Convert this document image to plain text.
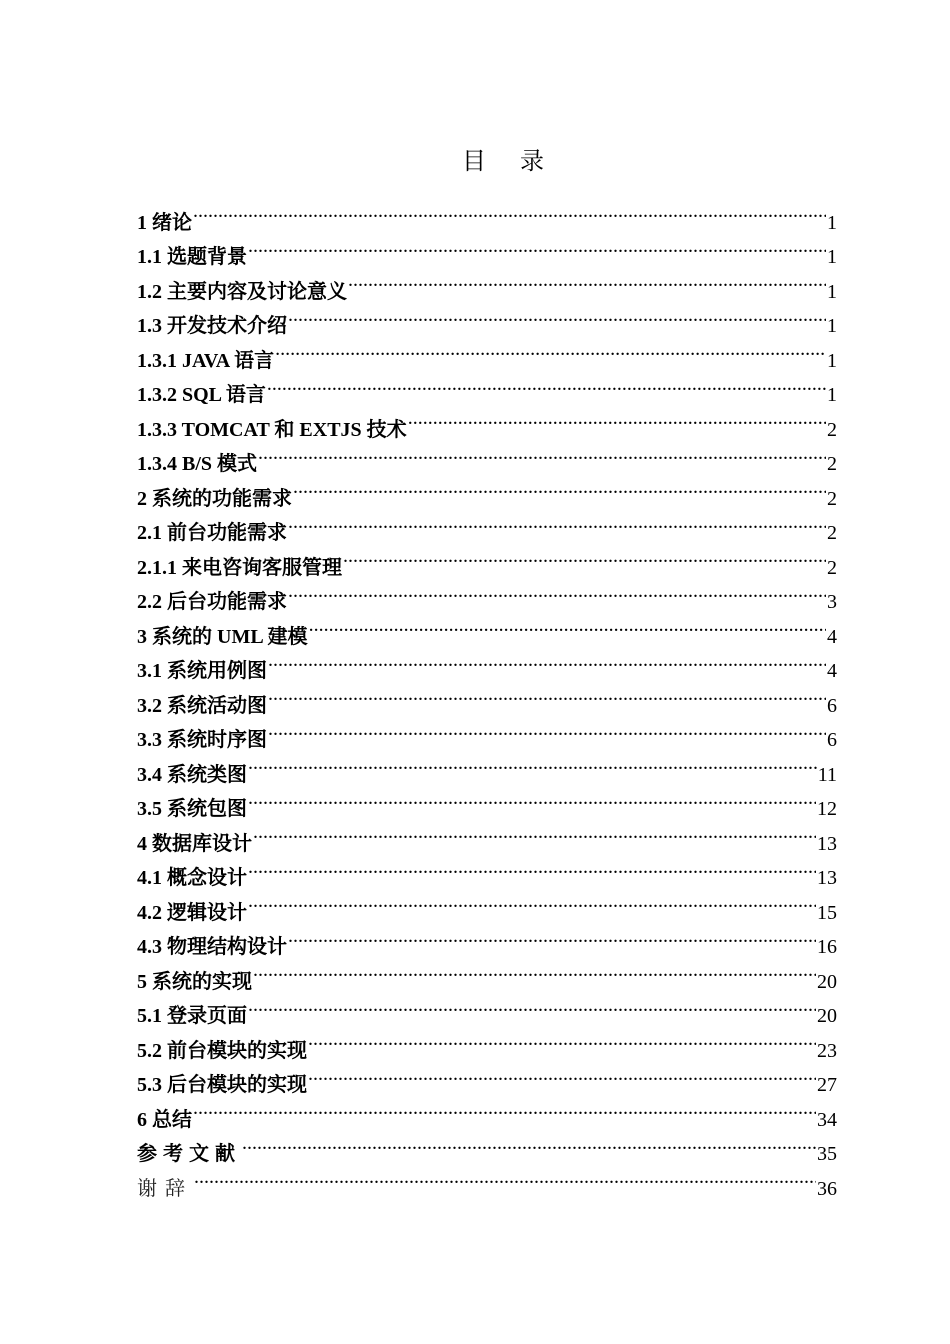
目 录
1 绪论 .....	1
1.1 选题背景 .....	1
1.2 主要内容及讨论意义 .....	1
1.3 开发技术介绍 .....	1
1.3.1 JAVA 语言 .....	1
1.3.2 SQL 语言 .....	1
1.3.3 TOMCAT 和 EXTJS 技术 .....	2
1.3.4 B/S 模式 .....	2
2 系统的功能需求 .....	2
2.1 前台功能需求 .....	2
2.1.1 来电咨询客服管理 .....	2
2.2 后台功能需求 .....	3
3 系统的 UML 建模 .....	4
3.1 系统用例图 .....	4
3.2 系统活动图 .....	6
3.3 系统时序图 .....	6
3.4 系统类图 .....	11
3.5 系统包图 .....	12
4 数据库设计 .....	13
4.1 概念设计 .....	13
4.2 逻辑设计 .....	15
4.3 物理结构设计 .....	16
5 系统的实现 .....	20
5.1 登录页面 .....	20
5.2 前台模块的实现 .....	23
5.3 后台模块的实现 .....	27
6 总结 .....	34
参考文献 .....	35
谢辞 .....	36
